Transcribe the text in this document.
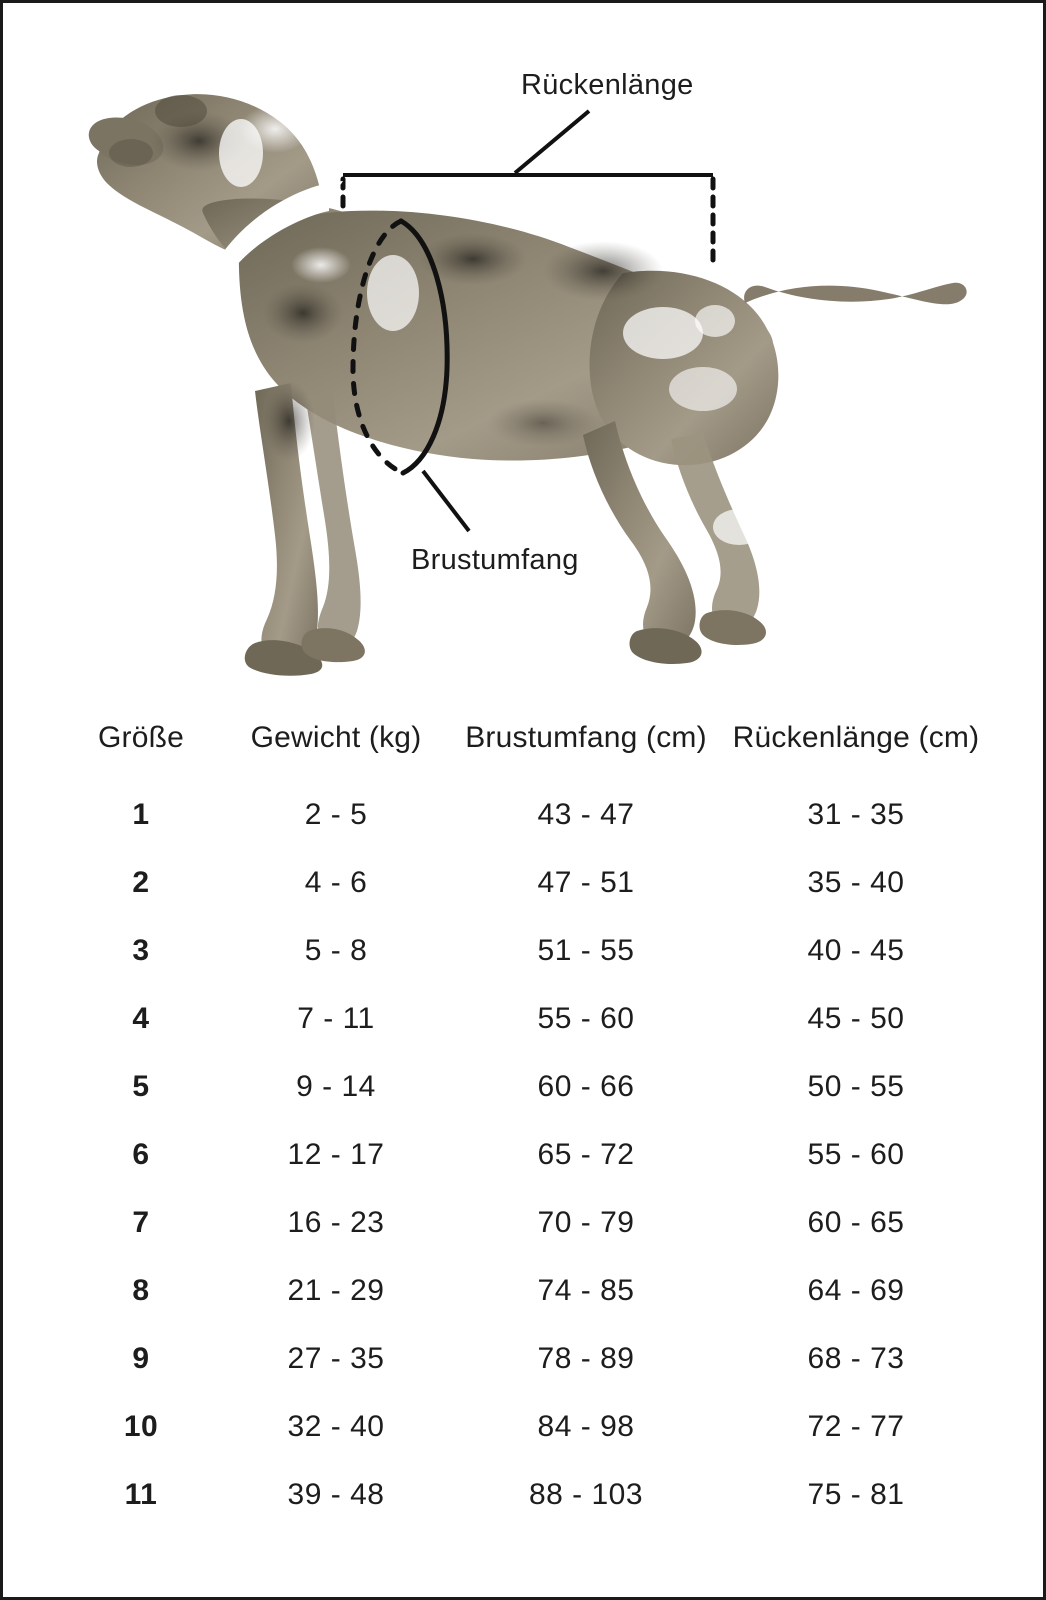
Rückenlänge
Brustumfang
Größe	Gewicht (kg)	Brustumfang (cm)	Rückenlänge (cm)
1	2 - 5	43 - 47	31 - 35
2	4 - 6	47 - 51	35 - 40
3	5 - 8	51 - 55	40 - 45
4	7 - 11	55 - 60	45 - 50
5	9 - 14	60 - 66	50 - 55
6	12 - 17	65 - 72	55 - 60
7	16 - 23	70 - 79	60 - 65
8	21 - 29	74 - 85	64 - 69
9	27 - 35	78 - 89	68 - 73
10	32 - 40	84 - 98	72 - 77
11	39 - 48	88 - 103	75 - 81
